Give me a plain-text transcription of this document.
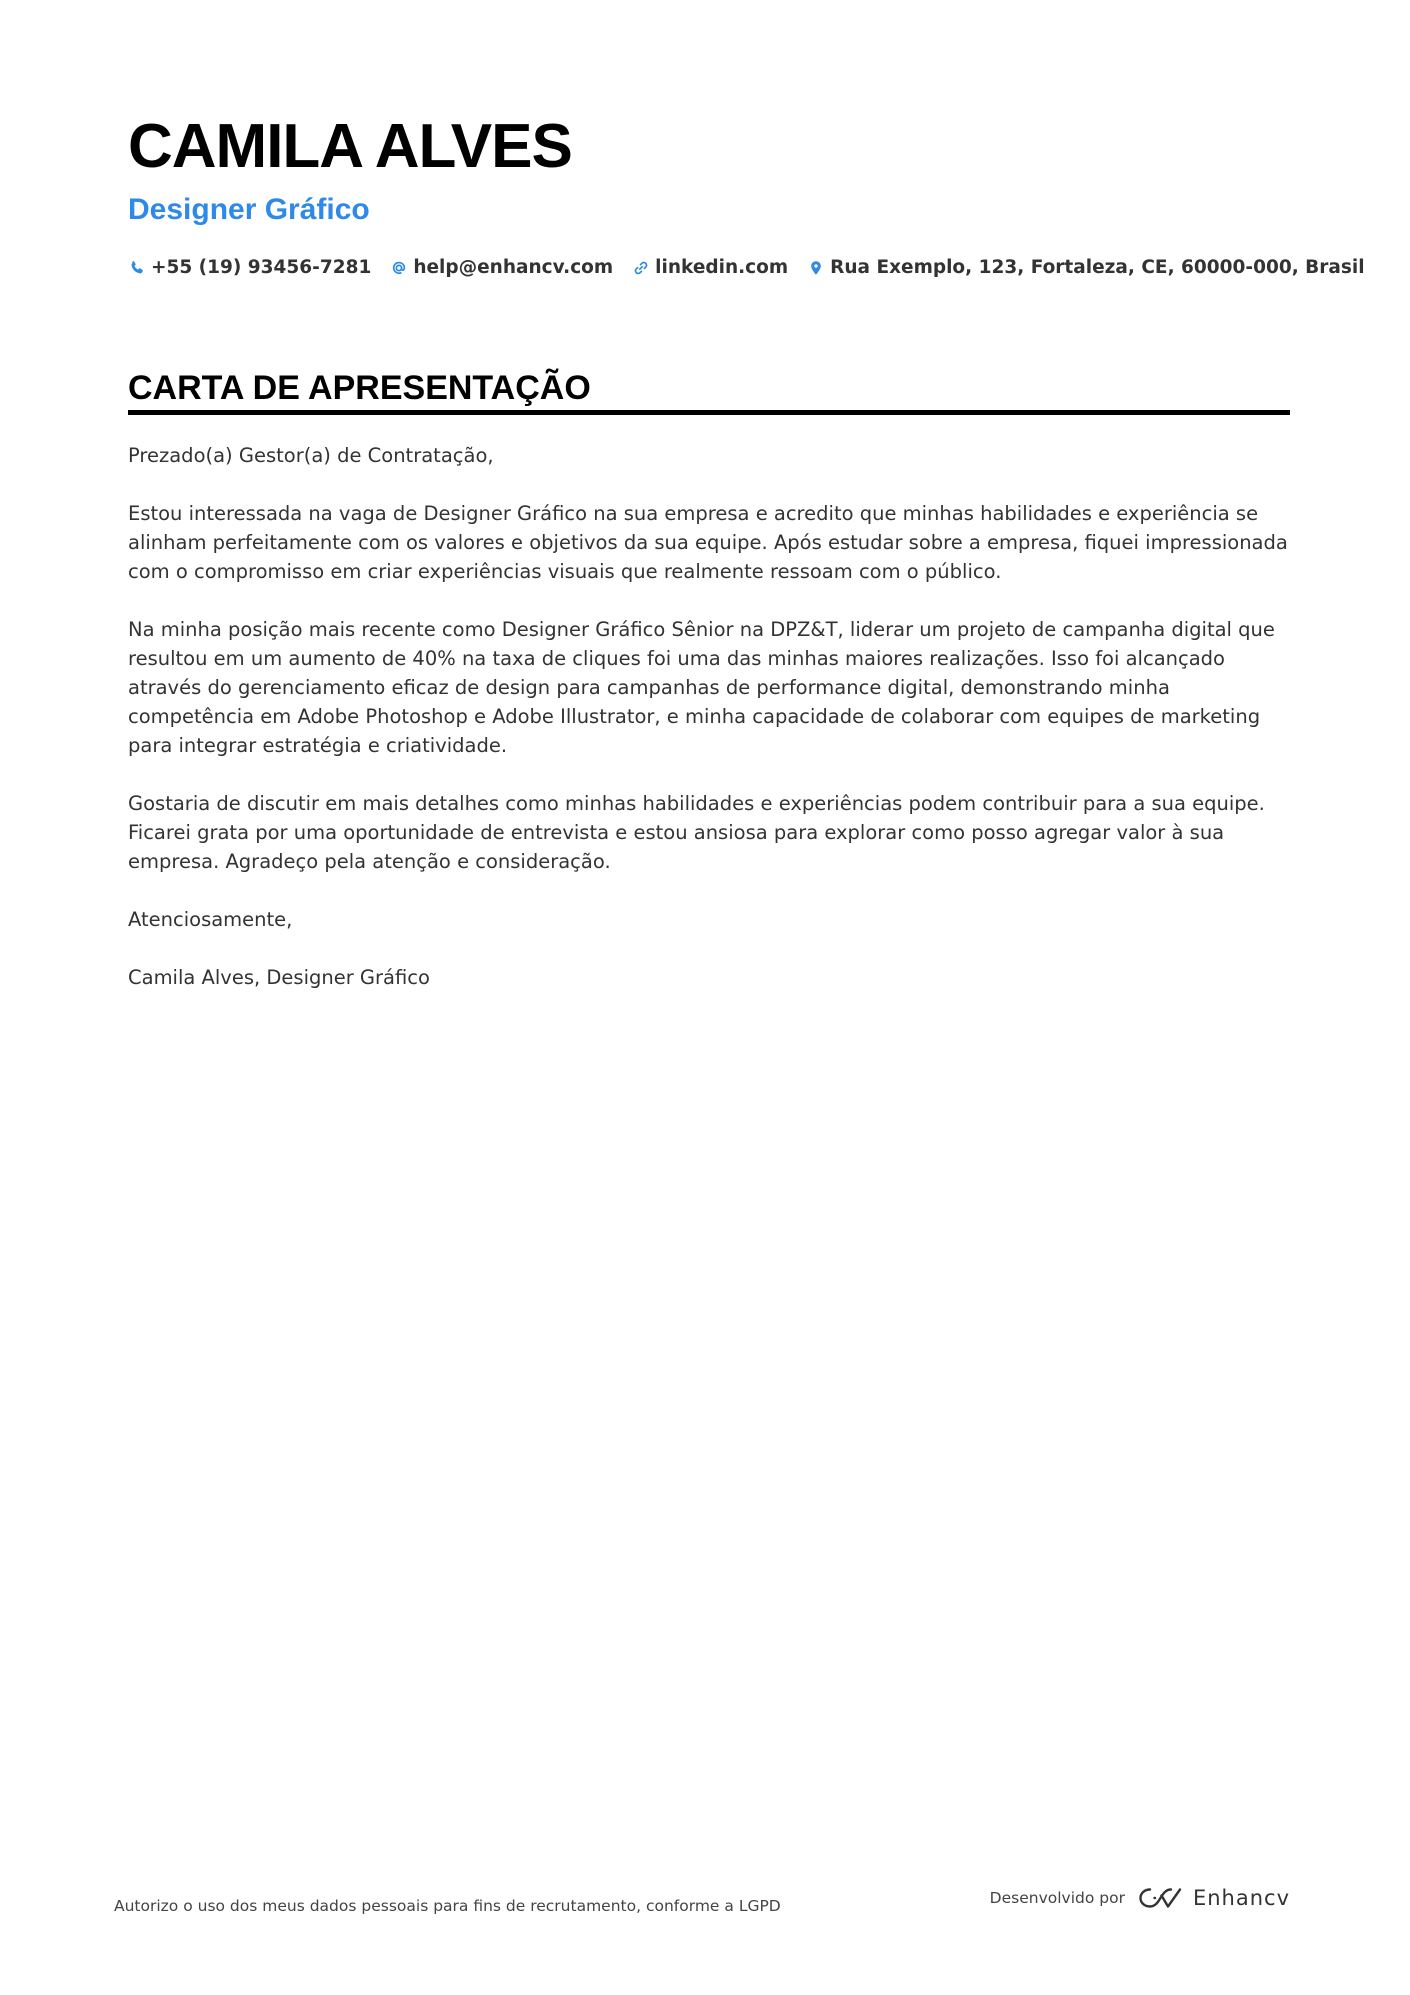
CAMILA ALVES
Designer Gráfico
+55 (19) 93456-7281 help@enhancv.com linkedin.com Rua Exemplo, 123, Fortaleza, CE, 60000-000, Brasil
CARTA DE APRESENTAÇÃO

Prezado(a) Gestor(a) de Contratação,

Estou interessada na vaga de Designer Gráfico na sua empresa e acredito que minhas habilidades e experiência se alinham perfeitamente com os valores e objetivos da sua equipe. Após estudar sobre a empresa, fiquei impressionada com o compromisso em criar experiências visuais que realmente ressoam com o público.

Na minha posição mais recente como Designer Gráfico Sênior na DPZ&T, liderar um projeto de campanha digital que resultou em um aumento de 40% na taxa de cliques foi uma das minhas maiores realizações. Isso foi alcançado através do gerenciamento eficaz de design para campanhas de performance digital, demonstrando minha competência em Adobe Photoshop e Adobe Illustrator, e minha capacidade de colaborar com equipes de marketing para integrar estratégia e criatividade.

Gostaria de discutir em mais detalhes como minhas habilidades e experiências podem contribuir para a sua equipe. Ficarei grata por uma oportunidade de entrevista e estou ansiosa para explorar como posso agregar valor à sua empresa. Agradeço pela atenção e consideração.

Atenciosamente,

Camila Alves, Designer Gráfico

Autorizo o uso dos meus dados pessoais para fins de recrutamento, conforme a LGPD	Desenvolvido por	Enhancv
